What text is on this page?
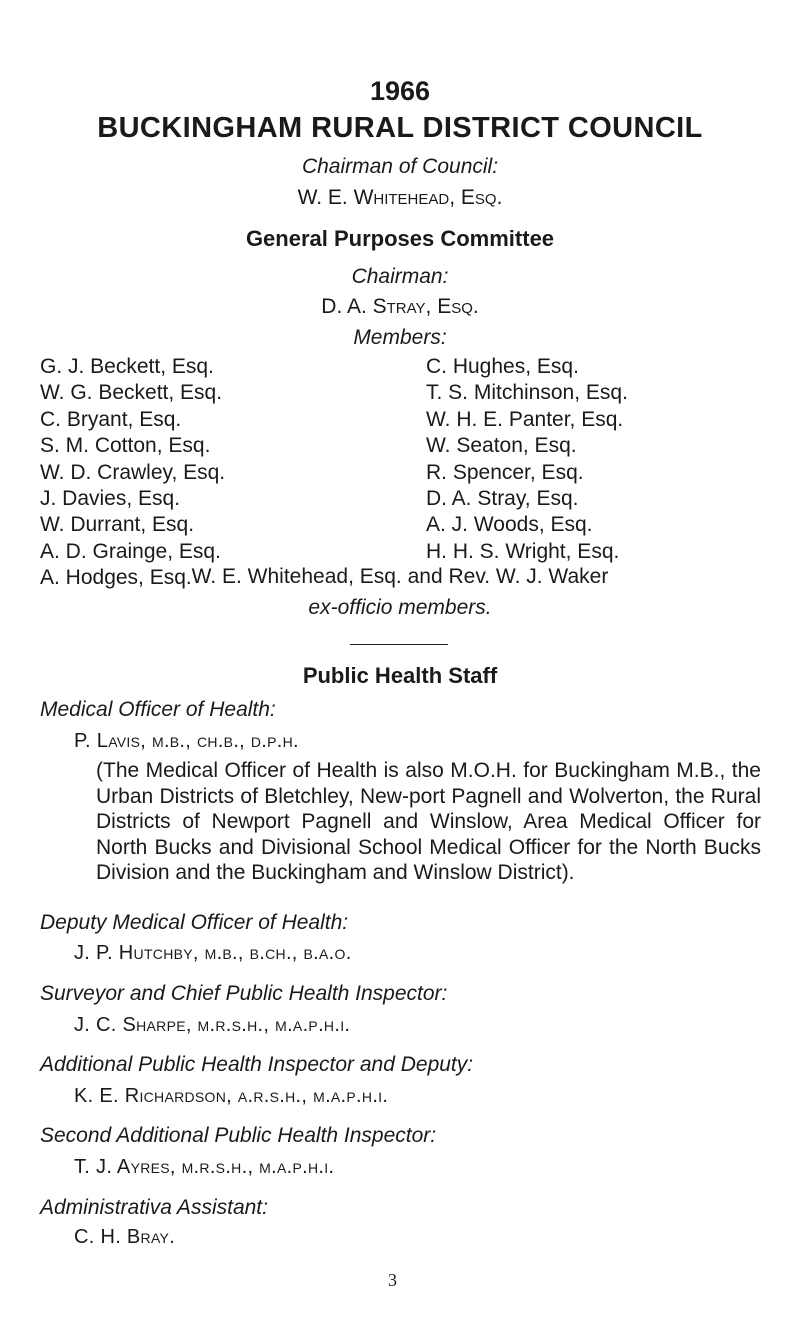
1966
BUCKINGHAM RURAL DISTRICT COUNCIL
Chairman of Council:
W. E. Whitehead, Esq.
General Purposes Committee
Chairman:
D. A. Stray, Esq.
Members:
G. J. Beckett, Esq.
W. G. Beckett, Esq.
C. Bryant, Esq.
S. M. Cotton, Esq.
W. D. Crawley, Esq.
J. Davies, Esq.
W. Durrant, Esq.
A. D. Grainge, Esq.
A. Hodges, Esq.
C. Hughes, Esq.
T. S. Mitchinson, Esq.
W. H. E. Panter, Esq.
W. Seaton, Esq.
R. Spencer, Esq.
D. A. Stray, Esq.
A. J. Woods, Esq.
H. H. S. Wright, Esq.
W. E. Whitehead, Esq. and Rev. W. J. Waker
ex-officio members.
Public Health Staff
Medical Officer of Health:
P. Lavis, m.b., ch.b., d.p.h.
(The Medical Officer of Health is also M.O.H. for Buckingham M.B., the Urban Districts of Bletchley, New-port Pagnell and Wolverton, the Rural Districts of Newport Pagnell and Winslow, Area Medical Officer for North Bucks and Divisional School Medical Officer for the North Bucks Division and the Buckingham and Winslow District).
Deputy Medical Officer of Health:
J. P. Hutchby, m.b., b.ch., b.a.o.
Surveyor and Chief Public Health Inspector:
J. C. Sharpe, m.r.s.h., m.a.p.h.i.
Additional Public Health Inspector and Deputy:
K. E. Richardson, a.r.s.h., m.a.p.h.i.
Second Additional Public Health Inspector:
T. J. Ayres, m.r.s.h., m.a.p.h.i.
Administrativa Assistant:
C. H. Bray.
3
